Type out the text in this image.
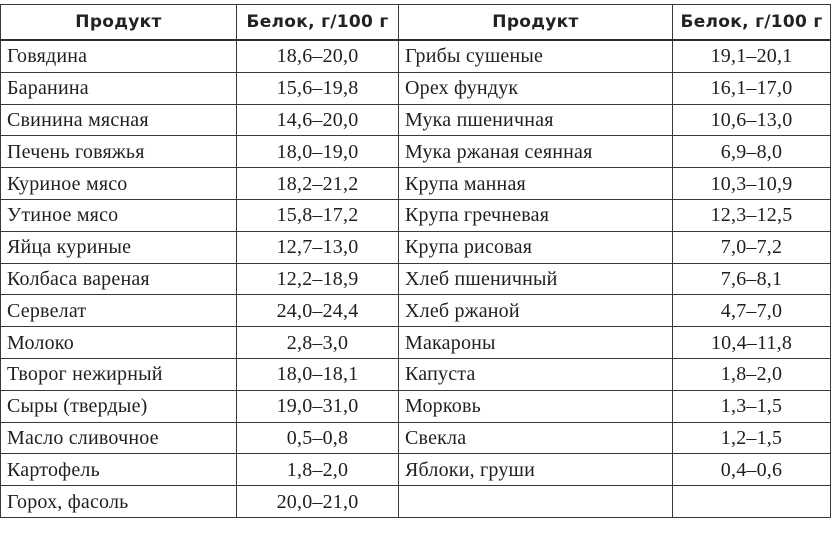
Продукт	Белок, г/100 г	Продукт	Белок, г/100 г
Говядина	18,6–20,0	Грибы сушеные	19,1–20,1
Баранина	15,6–19,8	Орех фундук	16,1–17,0
Свинина мясная	14,6–20,0	Мука пшеничная	10,6–13,0
Печень говяжья	18,0–19,0	Мука ржаная сеянная	6,9–8,0
Куриное мясо	18,2–21,2	Крупа манная	10,3–10,9
Утиное мясо	15,8–17,2	Крупа гречневая	12,3–12,5
Яйца куриные	12,7–13,0	Крупа рисовая	7,0–7,2
Колбаса вареная	12,2–18,9	Хлеб пшеничный	7,6–8,1
Сервелат	24,0–24,4	Хлеб ржаной	4,7–7,0
Молоко	2,8–3,0	Макароны	10,4–11,8
Творог нежирный	18,0–18,1	Капуста	1,8–2,0
Сыры (твердые)	19,0–31,0	Морковь	1,3–1,5
Масло сливочное	0,5–0,8	Свекла	1,2–1,5
Картофель	1,8–2,0	Яблоки, груши	0,4–0,6
Горох, фасоль	20,0–21,0		
